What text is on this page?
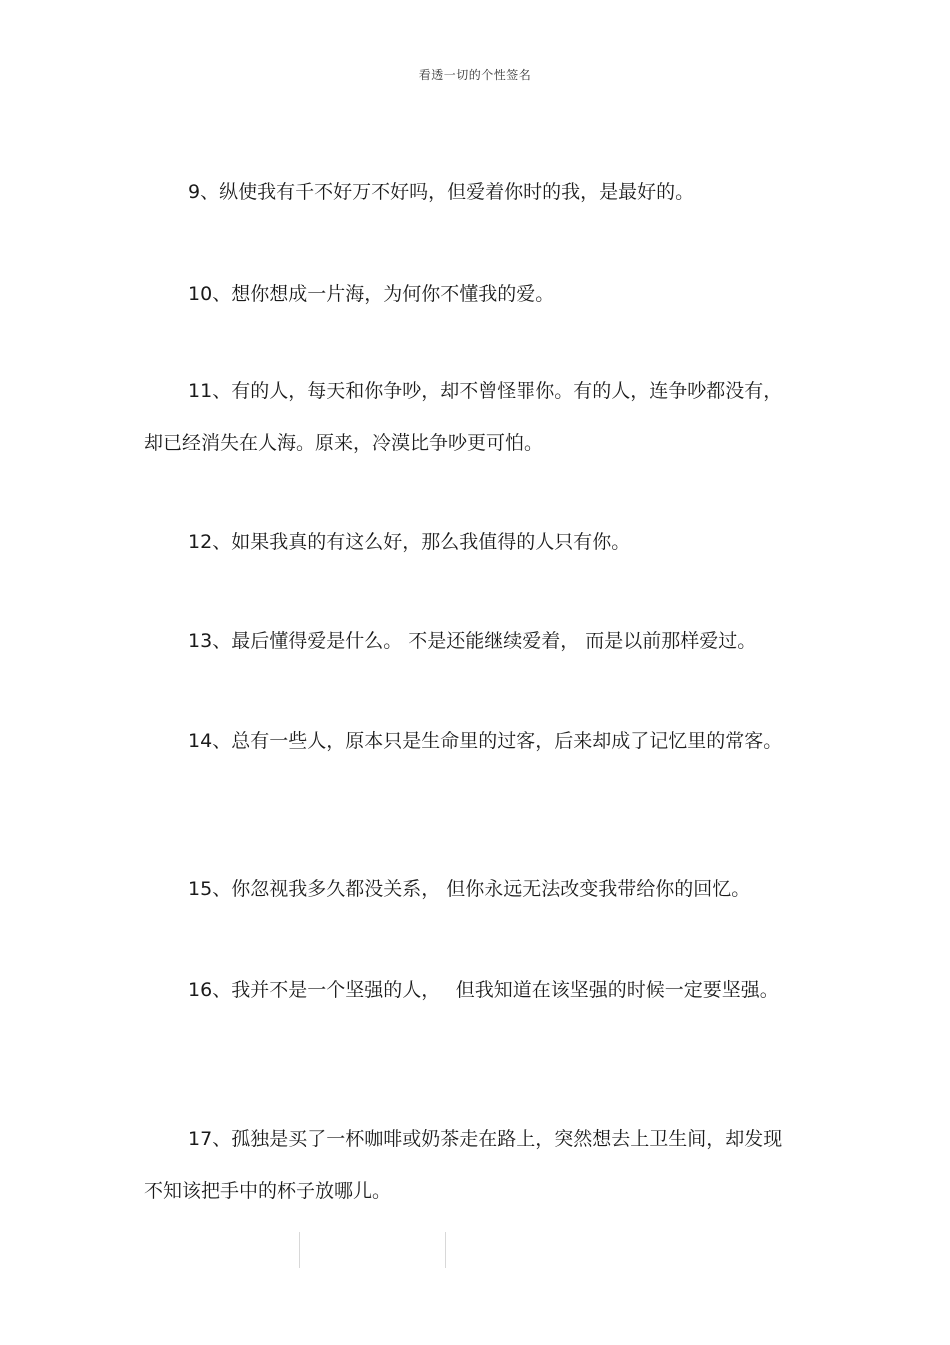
看透一切的个性签名

9、纵使我有千不好万不好吗，但爱着你时的我，是最好的。

10、想你想成一片海，为何你不懂我的爱。

11、有的人，每天和你争吵，却不曾怪罪你。有的人，连争吵都没有，却已经消失在人海。原来，冷漠比争吵更可怕。

12、如果我真的有这么好，那么我值得的人只有你。

13、最后懂得爱是什么。 不是还能继续爱着， 而是以前那样爱过。

14、总有一些人，原本只是生命里的过客，后来却成了记忆里的常客。

15、你忽视我多久都没关系， 但你永远无法改变我带给你的回忆。

16、我并不是一个坚强的人，　 但我知道在该坚强的时候一定要坚强。

17、孤独是买了一杯咖啡或奶茶走在路上，突然想去上卫生间，却发现不知该把手中的杯子放哪儿。
